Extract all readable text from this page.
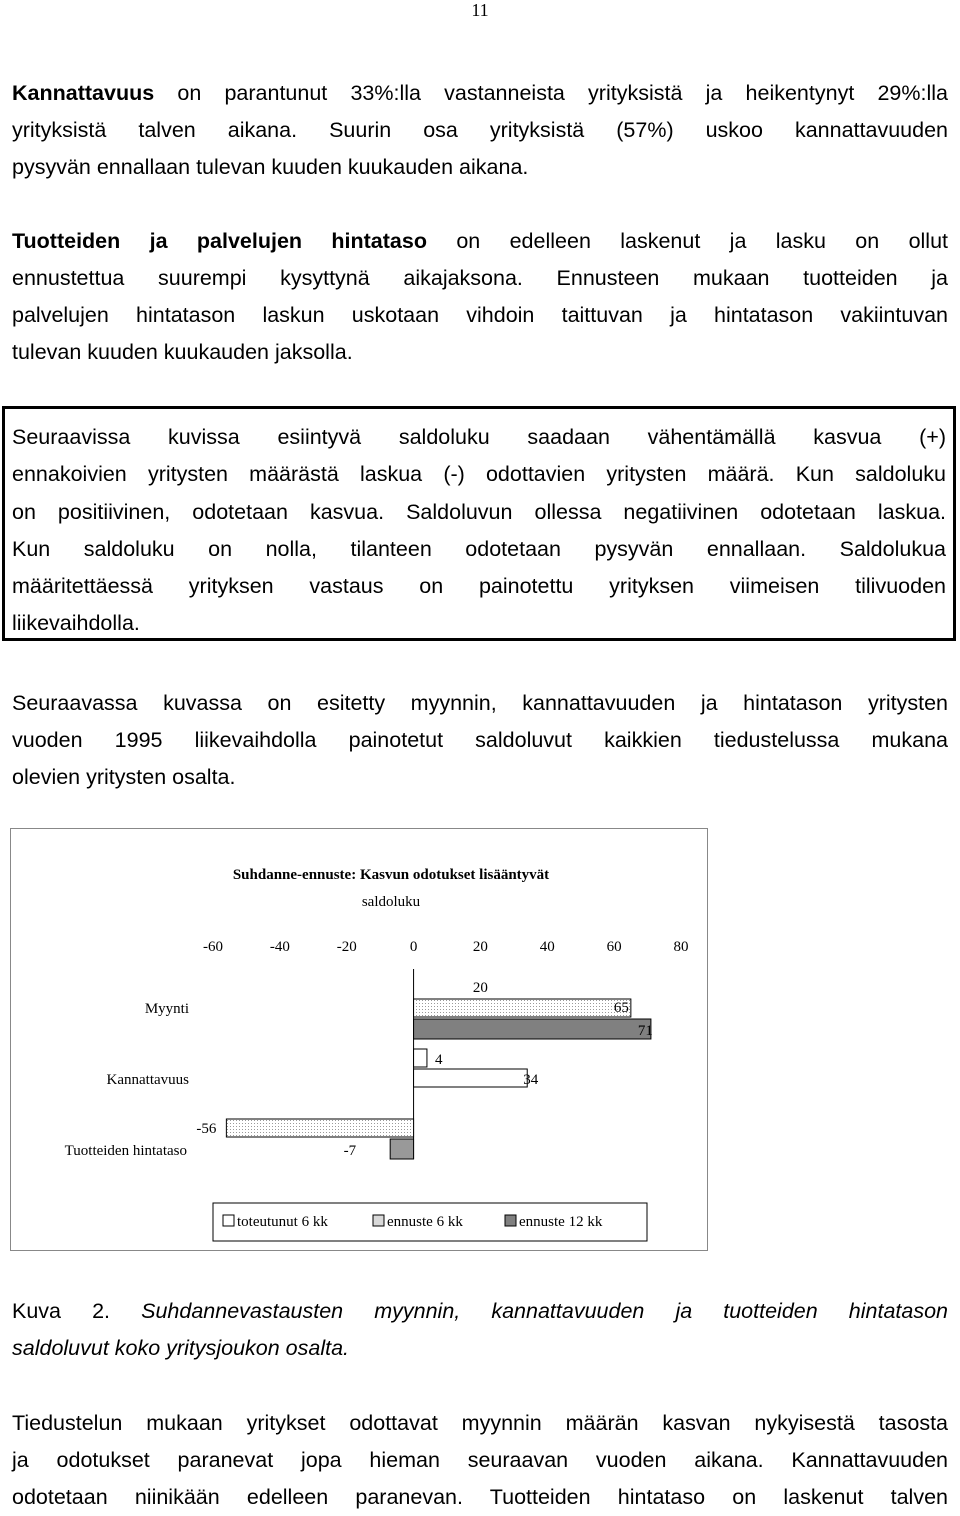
11
Kannattavuus on parantunut 33%:lla vastanneista yrityksistä ja heikentynyt 29%:lla
yrityksistä talven aikana. Suurin osa yrityksistä (57%) uskoo kannattavuuden
pysyvän ennallaan tulevan kuuden kuukauden aikana.
Tuotteiden ja palvelujen hintataso on edelleen laskenut ja lasku on ollut
ennustettua suurempi kysyttynä aikajaksona. Ennusteen mukaan tuotteiden ja
palvelujen hintatason laskun uskotaan vihdoin taittuvan ja hintatason vakiintuvan
tulevan kuuden kuukauden jaksolla.

Seuraavissa kuvissa esiintyvä saldoluku saadaan vähentämällä kasvua (+)
ennakoivien yritysten määrästä laskua (-) odottavien yritysten määrä. Kun saldoluku
on positiivinen, odotetaan kasvua. Saldoluvun ollessa negatiivinen odotetaan laskua.
Kun saldoluku on nolla, tilanteen odotetaan pysyvän ennallaan. Saldolukua
määritettäessä yrityksen vastaus on painotettu yrityksen viimeisen tilivuoden
liikevaihdolla.

Seuraavassa kuvassa on esitetty myynnin, kannattavuuden ja hintatason yritysten
vuoden 1995 liikevaihdolla painotetut saldoluvut kaikkien tiedustelussa mukana
olevien yritysten osalta.
Suhdanne-ennuste: Kasvun odotukset lisääntyvät
saldoluku
-60	-40	-20	0	20	40	60	80
20
65
71
4
34
-56
-7
Myynti
Kannattavuus
Tuotteiden hintataso
toteutunut 6 kk	ennuste 6 kk	ennuste 12 kk
Kuva 2. Suhdannevastausten myynnin, kannattavuuden ja tuotteiden hintatason
saldoluvut koko yritysjoukon osalta.
Tiedustelun mukaan yritykset odottavat myynnin määrän kasvan nykyisestä tasosta
ja odotukset paranevat jopa hieman seuraavan vuoden aikana. Kannattavuuden
odotetaan niinikään edelleen paranevan. Tuotteiden hintataso on laskenut talven
